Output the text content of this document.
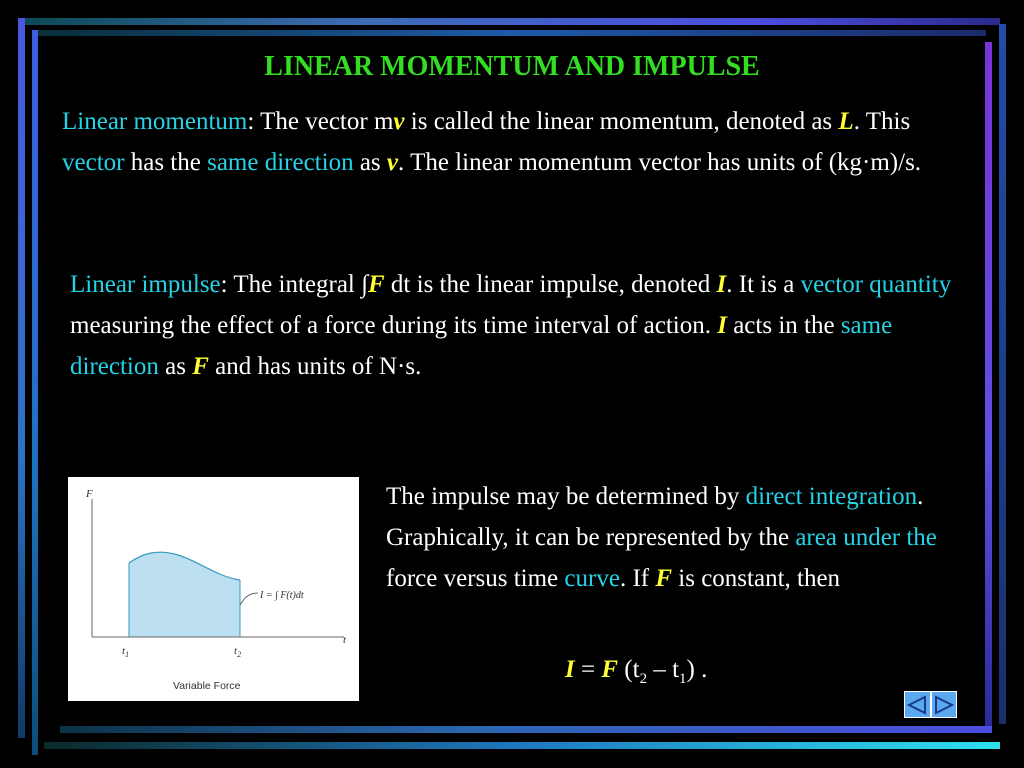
LINEAR MOMENTUM AND IMPULSE
Linear momentum: The vector mv is called the linear momentum, denoted as L. This vector has the same direction as v. The linear momentum vector has units of (kg·m)/s.
Linear impulse: The integral ∫F dt is the linear impulse, denoted I. It is a vector quantity measuring the effect of a force during its time interval of action. I acts in the same direction as F and has units of N·s.
F
t
$t_1$	$t_2$
I = ∫ F(t)dt
Variable Force
The impulse may be determined by direct integration. Graphically, it can be represented by the area under the force versus time curve. If F is constant, then
I = F $(t_2 - t_1)$ .
